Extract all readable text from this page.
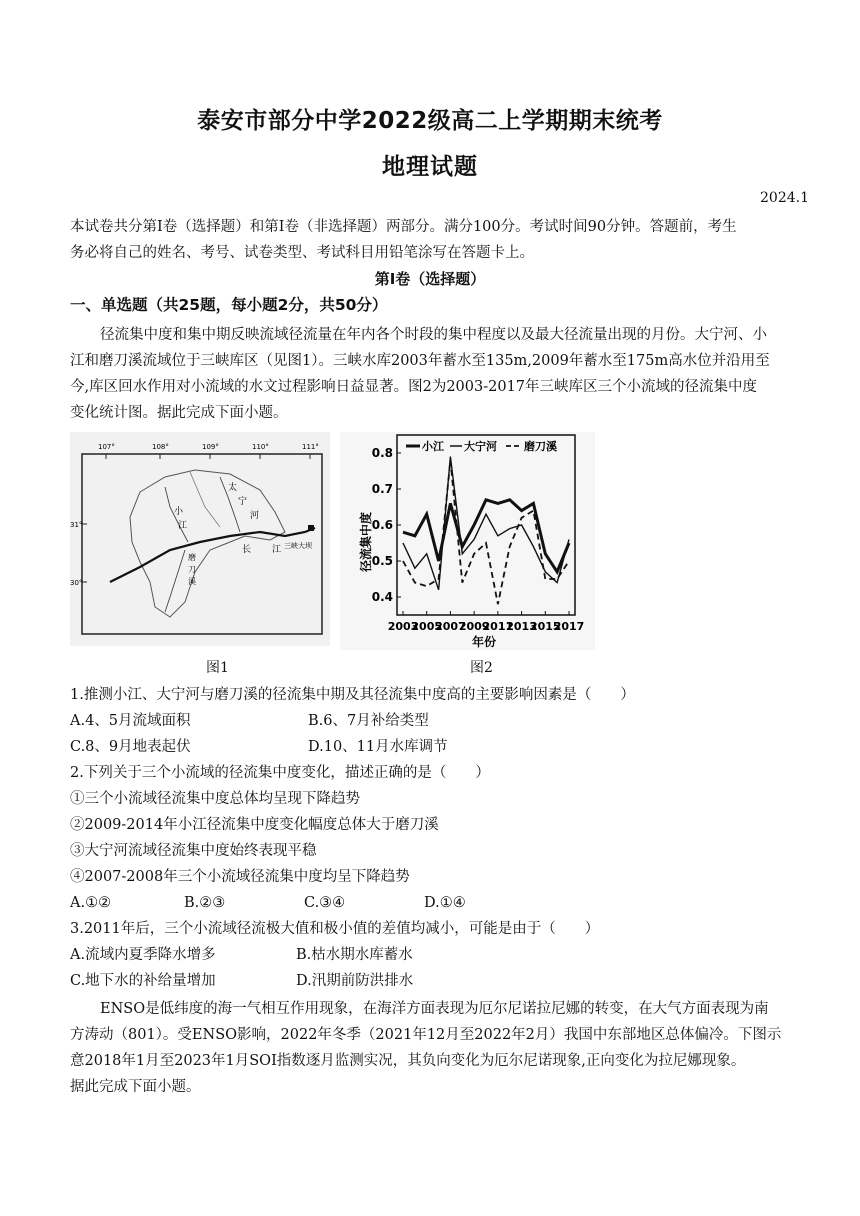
泰安市部分中学2022级高二上学期期末统考
地理试题
2024.1
本试卷共分第Ⅰ卷（选择题）和第Ⅰ卷（非选择题）两部分。满分100分。考试时间90分钟。答题前，考生
务必将自己的姓名、考号、试卷类型、考试科目用铅笔涂写在答题卡上。
第Ⅰ卷（选择题）
一、单选题（共25题，每小题2分，共50分）
径流集中度和集中期反映流域径流量在年内各个时段的集中程度以及最大径流量出现的月份。大宁河、小
江和磨刀溪流域位于三峡库区（见图1）。三峡水库2003年蓄水至135m,2009年蓄水至175m高水位并沿用至
今,库区回水作用对小流域的水文过程影响日益显著。图2为2003-2017年三峡库区三个小流域的径流集中度
变化统计图。据此完成下面小题。
107°	108°	109°	110°	111°
31°
30°
太
宁
河
小
江
磨
刀
溪
长 江 三峡大坝
0.4
0.5
0.6
0.7
0.8
2003
2005
2007
2009
2011
2013
2015
2017
小江 大宁河 磨刀溪
径流集中度
年份
图1	图2
1.推测小江、大宁河与磨刀溪的径流集中期及其径流集中度高的主要影响因素是（　　）
A.4、5月流域面积	B.6、7月补给类型
C.8、9月地表起伏	D.10、11月水库调节
2.下列关于三个小流域的径流集中度变化，描述正确的是（　　）
①三个小流域径流集中度总体均呈现下降趋势
②2009-2014年小江径流集中度变化幅度总体大于磨刀溪
③大宁河流域径流集中度始终表现平稳
④2007-2008年三个小流域径流集中度均呈下降趋势
A.①②	B.②③	C.③④	D.①④
3.2011年后，三个小流域径流极大值和极小值的差值均减小，可能是由于（　　）
A.流域内夏季降水增多	B.枯水期水库蓄水
C.地下水的补给量增加	D.汛期前防洪排水
ENSO是低纬度的海一气相互作用现象，在海洋方面表现为厄尔尼诺拉尼娜的转变，在大气方面表现为南
方涛动（801）。受ENSO影响，2022年冬季（2021年12月至2022年2月）我国中东部地区总体偏冷。下图示
意2018年1月至2023年1月SOI指数逐月监测实况，其负向变化为厄尔尼诺现象,正向变化为拉尼娜现象。
据此完成下面小题。
